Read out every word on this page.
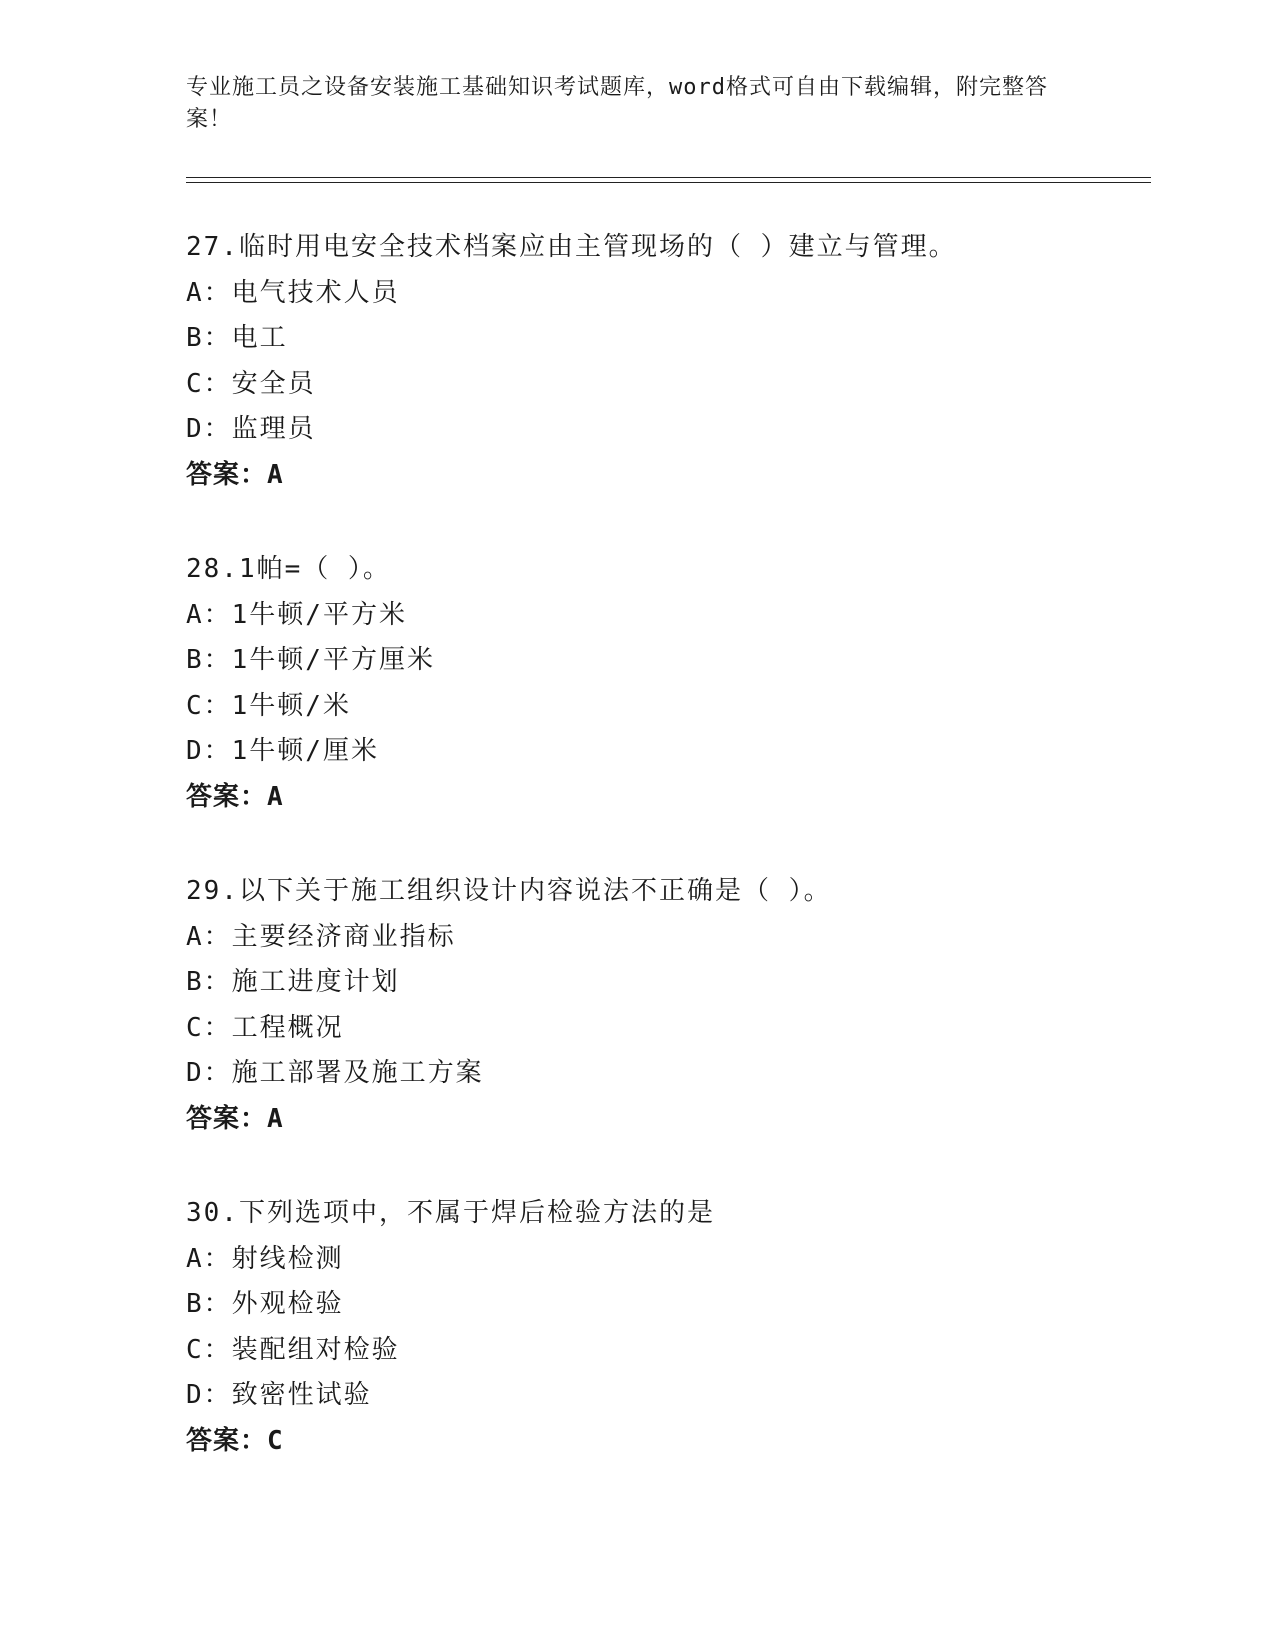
专业施工员之设备安装施工基础知识考试题库，word格式可自由下载编辑，附完整答案！

27.临时用电安全技术档案应由主管现场的（ ）建立与管理。
A：电气技术人员
B：电工
C：安全员
D：监理员
答案：A
28.1帕=（ ）。
A：1牛顿/平方米
B：1牛顿/平方厘米
C：1牛顿/米
D：1牛顿/厘米
答案：A
29.以下关于施工组织设计内容说法不正确是（ ）。
A：主要经济商业指标
B：施工进度计划
C：工程概况
D：施工部署及施工方案
答案：A
30.下列选项中，不属于焊后检验方法的是
A：射线检测
B：外观检验
C：装配组对检验
D：致密性试验
答案：C
